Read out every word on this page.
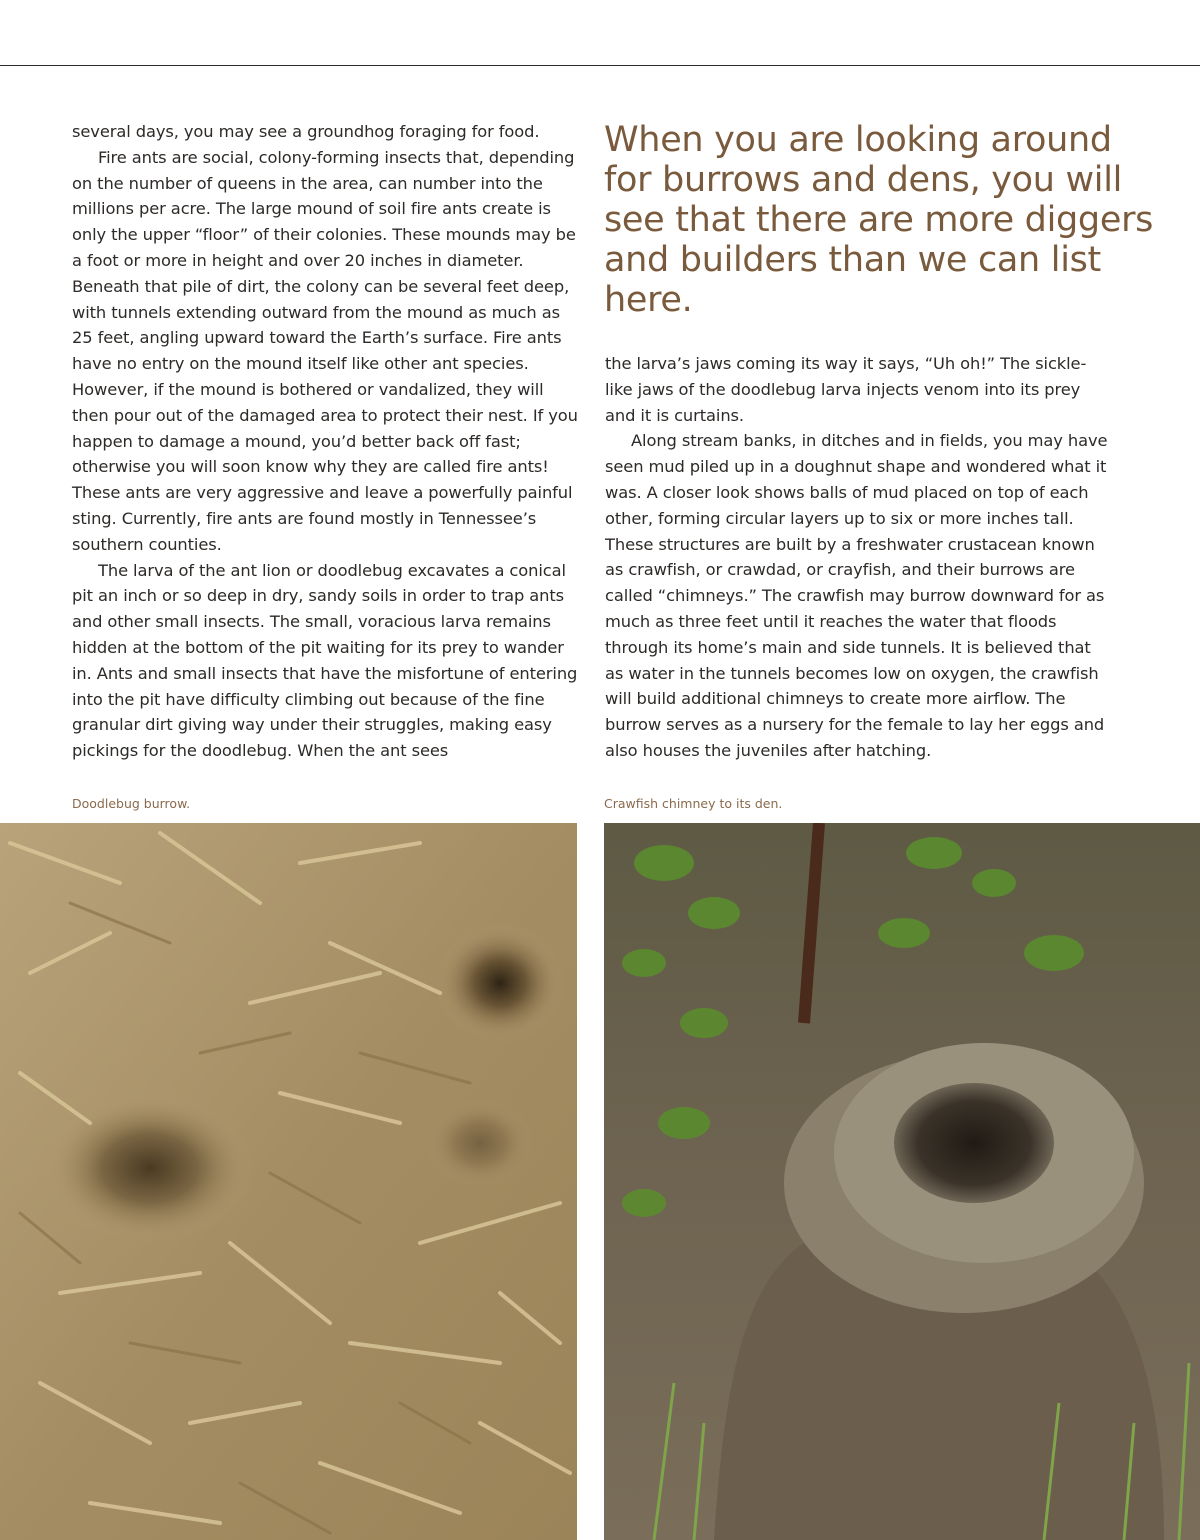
several days, you may see a groundhog foraging for food.

Fire ants are social, colony-forming insects that, depending on the number of queens in the area, can number into the millions per acre. The large mound of soil fire ants create is only the upper “floor” of their colonies. These mounds may be a foot or more in height and over 20 inches in diameter. Beneath that pile of dirt, the colony can be several feet deep, with tunnels extending outward from the mound as much as 25 feet, angling upward toward the Earth’s surface. Fire ants have no entry on the mound itself like other ant species. However, if the mound is bothered or vandalized, they will then pour out of the damaged area to protect their nest. If you happen to damage a mound, you’d better back off fast; otherwise you will soon know why they are called fire ants! These ants are very aggressive and leave a powerfully painful sting. Currently, fire ants are found mostly in Tennessee’s southern counties.

The larva of the ant lion or doodlebug excavates a conical pit an inch or so deep in dry, sandy soils in order to trap ants and other small insects. The small, voracious larva remains hidden at the bottom of the pit waiting for its prey to wander in. Ants and small insects that have the misfortune of entering into the pit have difficulty climbing out because of the fine granular dirt giving way under their struggles, making easy pickings for the doodlebug. When the ant sees

When you are looking around for burrows and dens, you will see that there are more diggers and builders than we can list here.

the larva’s jaws coming its way it says, “Uh oh!” The sickle-like jaws of the doodlebug larva injects venom into its prey and it is curtains.

Along stream banks, in ditches and in fields, you may have seen mud piled up in a doughnut shape and wondered what it was. A closer look shows balls of mud placed on top of each other, forming circular layers up to six or more inches tall. These structures are built by a freshwater crustacean known as crawfish, or crawdad, or crayfish, and their burrows are called “chimneys.” The crawfish may burrow downward for as much as three feet until it reaches the water that floods through its home’s main and side tunnels. It is believed that as water in the tunnels becomes low on oxygen, the crawfish will build additional chimneys to create more airflow. The burrow serves as a nursery for the female to lay her eggs and also houses the juveniles after hatching.

Doodlebug burrow.	Crawfish chimney to its den.
